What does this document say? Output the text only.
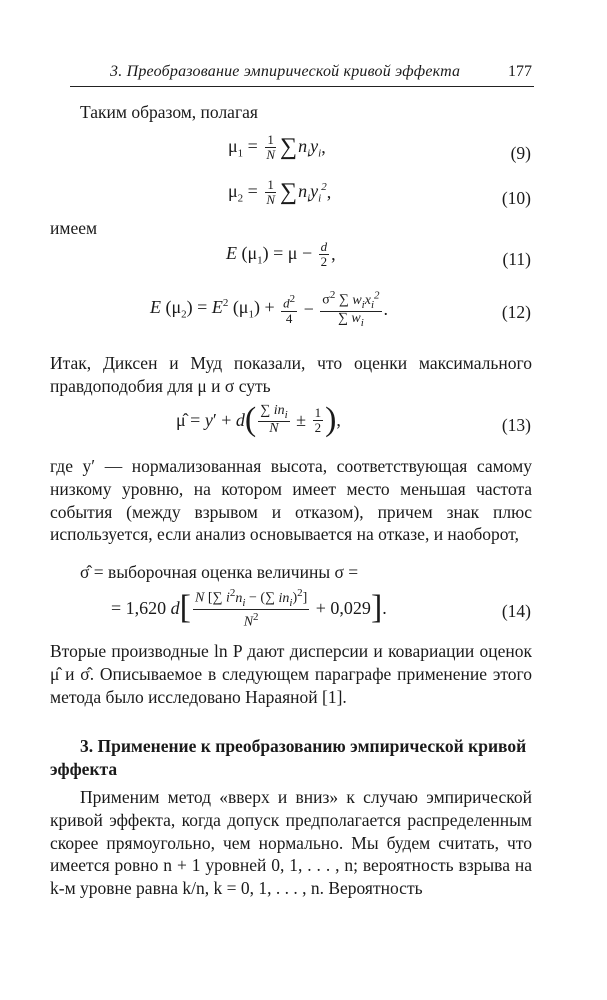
3. Преобразование эмпирической кривой эффекта	177

Таким образом, полагая

$\mu_1 = \frac{1}{N}$ ∑ $n_iy_i$ ,	(9)
$\mu_2 = \frac{1}{N}$ ∑ $n_iy_i^2$ ,	(10)

имеем

E $(\mu_1) = \mu - \frac{d}{2}$ ,	(11)
E $(\mu_2) = E^2$ $(\mu_1) + \frac{d^2}{4} - \frac{\sigma^2 \sum w_ix_i^2}{\sum w_i}$ .	(12)

Итак, Диксен и Муд показали, что оценки максимального правдоподобия для μ и σ суть

μ̂ = y′ + d ( $\frac{\sum in_i}{N} \pm \frac{1}{2}$ ) ,	(13)

где y′ — нормализованная высота, соответствующая самому низкому уровню, на котором имеет место меньшая частота события (между взрывом и отказом), причем знак плюс используется, если анализ основывается на отказе, и наоборот,

σ̂ = выборочная оценка величины σ =

= 1,620 d [ $\frac{N [\sum i^2n_i - (\sum in_i)^2]}{N^2} + 0,029$ ] .	(14)

Вторые производные ln P дают дисперсии и ковариации оценок μ̂ и σ̂. Описываемое в следующем параграфе применение этого метода было исследовано Нараяной [1].

3. Применение к преобразованию эмпирической кривой эффекта

Применим метод «вверх и вниз» к случаю эмпирической кривой эффекта, когда допуск предполагается распределенным скорее прямоугольно, чем нормально. Мы будем считать, что имеется ровно n + 1 уровней 0, 1, . . . , n; вероятность взрыва на k-м уровне равна k/n, k = 0, 1, . . . , n. Вероятность
